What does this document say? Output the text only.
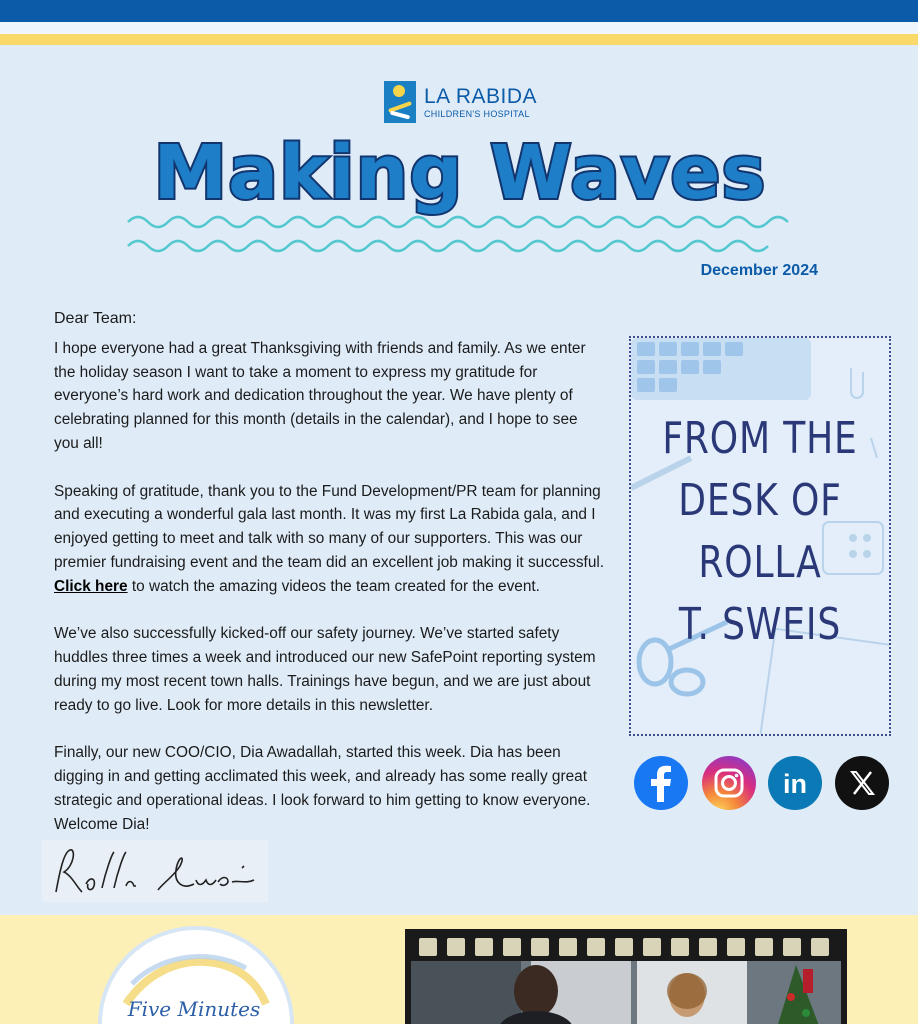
LA RABIDA
CHILDREN'S HOSPITAL
Making Waves
December 2024

Dear Team:

I hope everyone had a great Thanksgiving with friends and family. As we enter the holiday season I want to take a moment to express my gratitude for everyone’s hard work and dedication throughout the year. We have plenty of celebrating planned for this month (details in the calendar), and I hope to see you all!

Speaking of gratitude, thank you to the Fund Development/PR team for planning and executing a wonderful gala last month. It was my first La Rabida gala, and I enjoyed getting to meet and talk with so many of our supporters. This was our premier fundraising event and the team did an excellent job making it successful. Click here to watch the amazing videos the team created for the event.

We’ve also successfully kicked-off our safety journey. We’ve started safety huddles three times a week and introduced our new SafePoint reporting system during my most recent town halls. Trainings have begun, and we are just about ready to go live. Look for more details in this newsletter.

Finally, our new COO/CIO, Dia Awadallah, started this week. Dia has been digging in and getting acclimated this week, and already has some really great strategic and operational ideas. I look forward to him getting to know everyone. Welcome Dia!

FROM THE
DESK OF
ROLLA
T. SWEIS
in
Five Minutes
